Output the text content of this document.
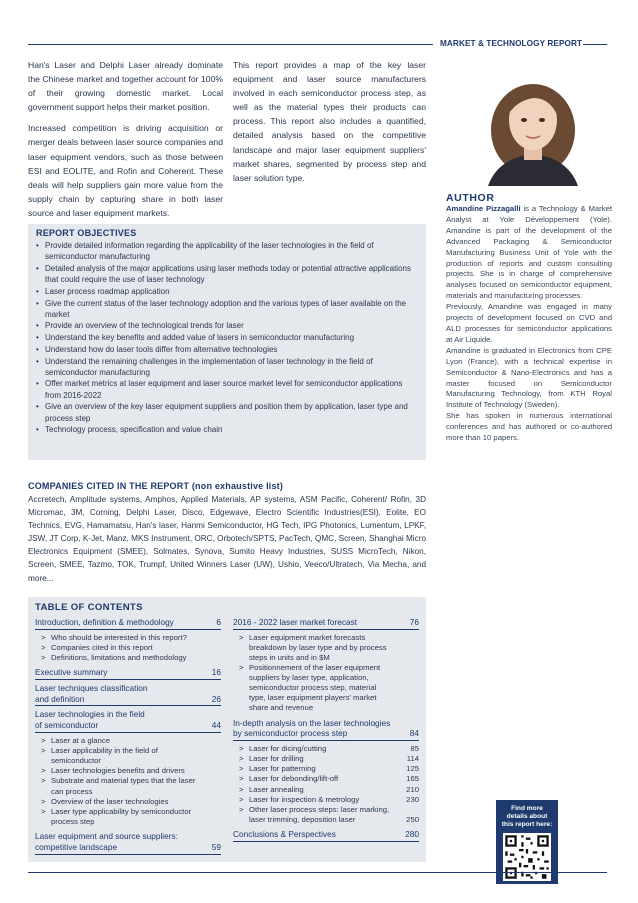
MARKET & TECHNOLOGY REPORT

Han's Laser and Delphi Laser already dominate the Chinese market and together account for 100% of their growing domestic market. Local government support helps their market position.

Increased competition is driving acquisition or merger deals between laser source companies and laser equipment vendors, such as those between ESI and EOLITE, and Rofin and Coherent. These deals will help suppliers gain more value from the supply chain by capturing share in both laser source and laser equipment markets.

This report provides a map of the key laser equipment and laser source manufacturers involved in each semiconductor process step, as well as the material types their products can process. This report also includes a quantified, detailed analysis based on the competitive landscape and major laser equipment suppliers' market shares, segmented by process step and laser solution type.

AUTHOR

Amandine Pizzagalli is a Technology & Market Analyst at Yole Développement (Yole). Amandine is part of the development of the Advanced Packaging & Semiconductor Manufacturing Business Unit of Yole with the production of reports and custom consulting projects. She is in charge of comprehensive analyses focused on semiconductor equipment, materials and manufacturing processes.

Previously, Amandine was engaged in many projects of development focused on CVD and ALD processes for semiconductor applications at Air Liquide.

Amandine is graduated in Electronics from CPE Lyon (France), with a technical expertise in Semiconductor & Nano-Electronics and has a master focused on Semiconductor Manufacturing Technology, from KTH Royal Institute of Technology (Sweden).

She has spoken in numerous international conferences and has authored or co-authored more than 10 papers.

REPORT OBJECTIVES
• Provide detailed information regarding the applicability of the laser technologies in the field of semiconductor manufacturing
• Detailed analysis of the major applications using laser methods today or potential attractive applications that could require the use of laser technology
• Laser process roadmap application
• Give the current status of the laser technology adoption and the various types of laser available on the market
• Provide an overview of the technological trends for laser
• Understand the key benefits and added value of lasers in semiconductor manufacturing
• Understand how do laser tools differ from alternative technologies
• Understand the remaining challenges in the implementation of laser technology in the field of semiconductor manufacturing
• Offer market metrics at laser equipment and laser source market level for semiconductor applications from 2016-2022
• Give an overview of the key laser equipment suppliers and position them by application, laser type and process step
• Technology process, specification and value chain
COMPANIES CITED IN THE REPORT (non exhaustive list)
Accretech, Amplitude systems, Amphos, Applied Materials, AP systems, ASM Pacific, Coherent/ Rofin, 3D Micromac, 3M, Corning, Delphi Laser, Disco, Edgewave, Electro Scientific Industries(ESI), Eolite, EO Technics, EVG, Hamamatsu, Han's laser, Hanmi Semiconductor, HG Tech, IPG Photonics, Lumentum, LPKF, JSW, JT Corp, K-Jet, Manz, MKS Instrument, ORC, Orbotech/SPTS, PacTech, QMC, Screen, Shanghai Micro Electronics Equipment (SMEE), Solmates, Synova, Sumito Heavy Industries, SUSS MicroTech, Nikon, Screen, SMEE, Tazmo, TOK, Trumpf, United Winners Laser (UW), Ushio, Veeco/Ultratech, Via Mecha, and more...
TABLE OF CONTENTS
Introduction, definition & methodology	6
> Who should be interested in this report?
> Companies cited in this report
> Definitions, limitations and methodology
Executive summary	16
Laser techniques classification
and definition	26
Laser technologies in the field
of semiconductor	44
> Laser at a glance
> Laser applicability in the field of semiconductor
> Laser technologies benefits and drivers
> Substrate and material types that the laser can process
> Overview of the laser technologies
> Laser type applicability by semiconductor process step
Laser equipment and source suppliers:
competitive landscape	59
2016 - 2022 laser market forecast	76
> Laser equipment market forecasts breakdown by laser type and by process steps in units and in $M
> Positionnement of the laser equipment suppliers by laser type, application, semiconductor process step, material type, laser equipment players' market share and revenue
In-depth analysis on the laser technologies
by semiconductor process step	84
> Laser for dicing/cutting	85
> Laser for drilling	114
> Laser for patterning	125
> Laser for debonding/lift-off	165
> Laser annealing	210
> Laser for inspection & metrology	230
> Other laser process steps: laser marking, laser trimming, deposition laser	250
Conclusions & Perspectives	280
Find more details about this report here:
